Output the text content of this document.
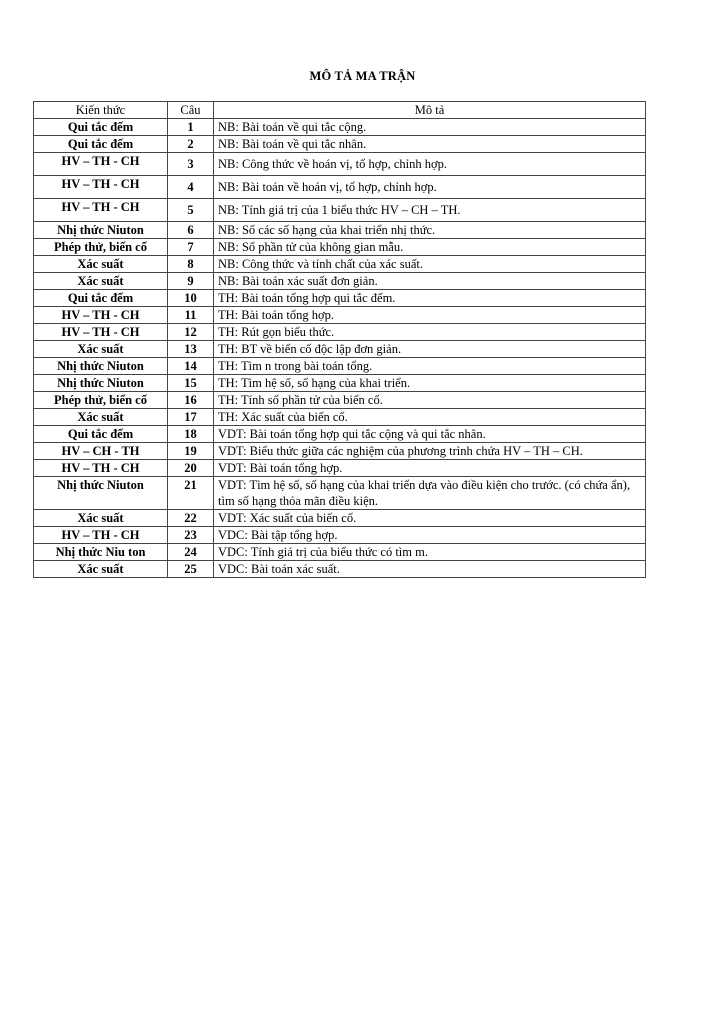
MÔ TẢ MA TRẬN
Kiến thức	Câu	Mô tả
Qui tắc đếm	1	NB: Bài toán về qui tắc cộng.
Qui tắc đếm	2	NB: Bài toán về qui tắc nhân.
HV – TH - CH	3	NB: Công thức về hoán vị, tổ hợp, chỉnh hợp.
HV – TH - CH	4	NB: Bài toán về hoán vị, tổ hợp, chỉnh hợp.
HV – TH - CH	5	NB: Tính giá trị của 1 biểu thức HV – CH – TH.
Nhị thức Niuton	6	NB: Số các số hạng của khai triển nhị thức.
Phép thử, biến cố	7	NB: Số phần tử của không gian mẫu.
Xác suất	8	NB: Công thức và tính chất của xác suất.
Xác suất	9	NB: Bài toán xác suất đơn giản.
Qui tắc đếm	10	TH: Bài toán tổng hợp qui tắc đếm.
HV – TH - CH	11	TH: Bài toán tổng hợp.
HV – TH - CH	12	TH: Rút gọn biểu thức.
Xác suất	13	TH: BT về biến cố độc lập đơn giản.
Nhị thức Niuton	14	TH: Tìm n trong bài toán tổng.
Nhị thức Niuton	15	TH: Tìm hệ số, số hạng của khai triển.
Phép thử, biến cố	16	TH: Tính số phần tử của biến cố.
Xác suất	17	TH: Xác suất của biến cố.
Qui tắc đếm	18	VDT: Bài toán tổng hợp qui tắc cộng và qui tắc nhân.
HV – CH - TH	19	VDT: Biểu thức giữa các nghiệm của phương trình chứa HV – TH – CH.
HV – TH - CH	20	VDT: Bài toán tổng hợp.
Nhị thức Niuton	21	VDT: Tìm hệ số, số hạng của khai triển dựa vào điều kiện cho trước. (có chứa ẩn), tìm số hạng thỏa mãn điều kiện.
Xác suất	22	VDT: Xác suất của biến cố.
HV – TH - CH	23	VDC: Bài tập tổng hợp.
Nhị thức Niu ton	24	VDC: Tính giá trị của biểu thức có tìm m.
Xác suất	25	VDC: Bài toán xác suất.
